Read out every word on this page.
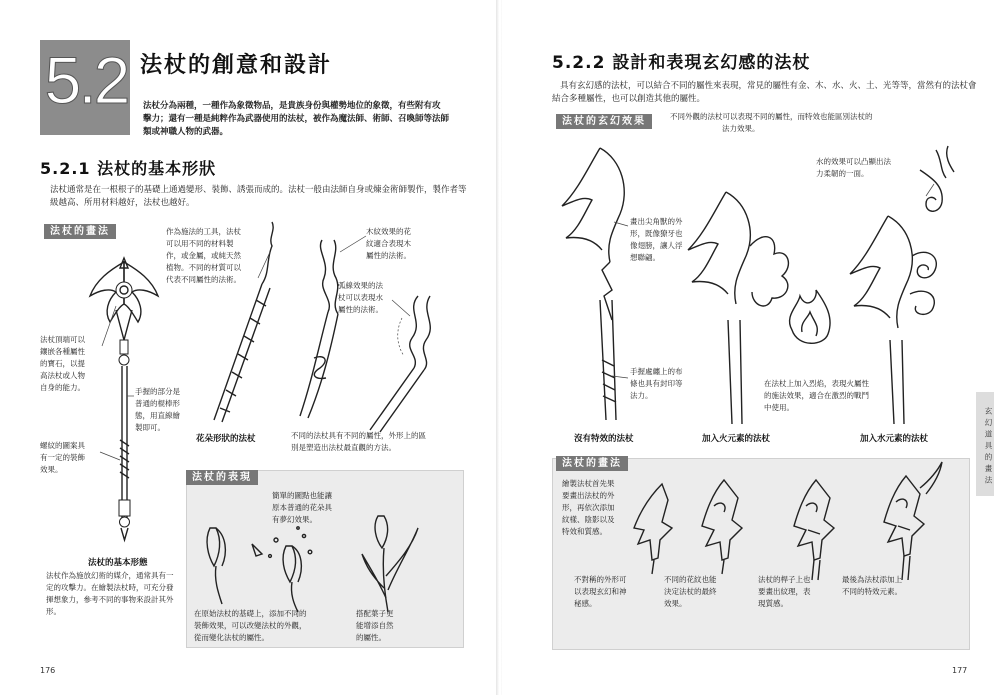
5.2 法杖的創意和設計
法杖分為兩種，一種作為象徵物品，是貴族身份與權勢地位的象徵，有些附有攻
擊力；還有一種是純粹作為武器使用的法杖，被作為魔法師、術師、召喚師等法師
類或神職人物的武器。
5.2.1 法杖的基本形狀
法杖通常是在一根根子的基礎上通過變形、裝飾、誘張而成的。法杖一般由法師自身或煉金術師製作，製作者等
級越高、所用材料越好，法杖也越好。
法杖的畫法	作為施法的工具，法杖
可以用不同的材料製
作，或金屬，或純天然
植物。不同的材質可以
代表不同屬性的法術。
木紋效果的花
紋適合表現木
屬性的法術。
弧線效果的法
杖可以表現水
屬性的法術。
法杖頂端可以
鑲嵌各種屬性
的寶石，以提
高法杖或人物
自身的能力。	手握的部分是
普通的棍棒形
態，用直線繪
製即可。
螺紋的圖案具
有一定的裝飾
效果。
花朵形狀的法杖	不同的法杖具有不同的屬性，外形上的區
別是塑造出法杖最直觀的方法。
法杖的基本形態
法杖作為施放幻術的媒介，通常具有一
定的攻擊力。在繪製法杖時，可充分發
揮想象力，參考不同的事物來設計其外
形。
法杖的表現
簡單的圖點也能讓
原本普通的花朵具
有夢幻效果。
在原始法杖的基礎上，添加不同的
裝飾效果，可以改變法杖的外觀，
從而變化法杖的屬性。
搭配葉子更
能增添自然
的屬性。
176
5.2.2 設計和表現玄幻感的法杖
具有玄幻感的法杖，可以結合不同的屬性來表現，常見的屬性有金、木、水、火、土、光等等，當然有的法杖會
結合多種屬性，也可以創造其他的屬性。
法杖的玄幻效果	不同外觀的法杖可以表現不同的屬性，而特效也能區別法杖的
法力效果。
畫出尖角獸的外
形，既像獠牙也
像翅膀，讓人浮
想聯翩。
水的效果可以凸顯出法
力柔韌的一面。
手握處纏上的布
條也具有封印等
法力。
在法杖上加入烈焰，表現火屬性
的施法效果，適合在激烈的戰鬥
中使用。
沒有特效的法杖	加入火元素的法杖	加入水元素的法杖
法杖的畫法
繪製法杖首先果
要畫出法杖的外
形，再依次添加
紋樣、陰影以及
特效和質感。
不對稱的外形可
以表現玄幻和神
秘感。
不同的花紋也能
決定法杖的最終
效果。
法杖的桿子上也
要畫出紋理，表
現質感。
最後為法杖添加上
不同的特效元素。
177
玄幻道具的畫法
